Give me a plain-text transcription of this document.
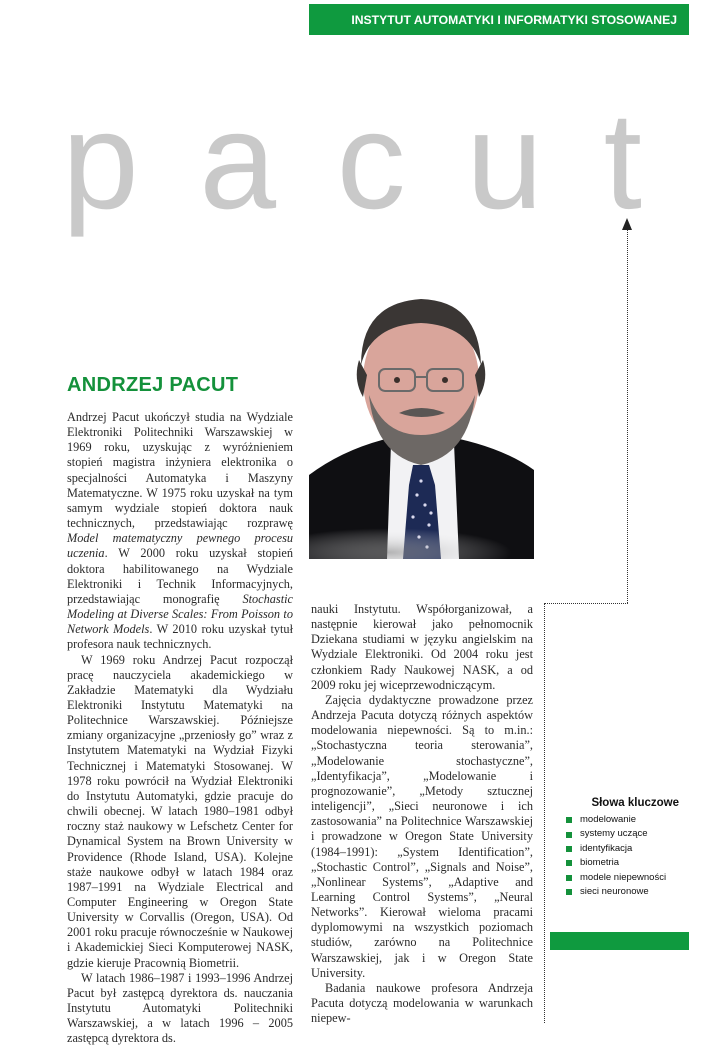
INSTYTUT AUTOMATYKI I INFORMATYKI STOSOWANEJ
p a c u t
ANDRZEJ PACUT

Andrzej Pacut ukończył studia na Wydziale Elektroniki Politechniki Warszawskiej w 1969 roku, uzyskując z wyróżnieniem stopień magistra inżyniera elektronika o specjalności Automatyka i Maszyny Matematyczne. W 1975 roku uzyskał na tym samym wydziale stopień doktora nauk technicznych, przedstawiając rozprawę Model matematyczny pewnego procesu uczenia. W 2000 roku uzyskał stopień doktora habilitowanego na Wydziale Elektroniki i Technik Informacyjnych, przedstawiając monografię Stochastic Modeling at Diverse Scales: From Poisson to Network Models. W 2010 roku uzyskał tytuł profesora nauk technicznych.

W 1969 roku Andrzej Pacut rozpoczął pracę nauczyciela akademickiego w Zakładzie Matematyki dla Wydziału Elektroniki Instytutu Matematyki na Politechnice Warszawskiej. Późniejsze zmiany organizacyjne „przeniosły go” wraz z Instytutem Matematyki na Wydział Fizyki Technicznej i Matematyki Stosowanej. W 1978 roku powrócił na Wydział Elektroniki do Instytutu Automatyki, gdzie pracuje do chwili obecnej. W latach 1980–1981 odbył roczny staż naukowy w Lefschetz Center for Dynamical System na Brown University w Providence (Rhode Island, USA). Kolejne staże naukowe odbył w latach 1984 oraz 1987–1991 na Wydziale Electrical and Computer Engineering w Oregon State University w Corvallis (Oregon, USA). Od 2001 roku pracuje równocześnie w Naukowej i Akademickiej Sieci Komputerowej NASK, gdzie kieruje Pracownią Biometrii.

W latach 1986–1987 i 1993–1996 Andrzej Pacut był zastępcą dyrektora ds. nauczania Instytutu Automatyki Politechniki Warszawskiej, a w latach 1996 – 2005 zastępcą dyrektora ds.

nauki Instytutu. Współorganizował, a następnie kierował jako pełnomocnik Dziekana studiami w języku angielskim na Wydziale Elektroniki. Od 2004 roku jest członkiem Rady Naukowej NASK, a od 2009 roku jej wiceprzewodniczącym.

Zajęcia dydaktyczne prowadzone przez Andrzeja Pacuta dotyczą różnych aspektów modelowania niepewności. Są to m.in.: „Stochastyczna teoria sterowania”, „Modelowanie stochastyczne”, „Identyfikacja”, „Modelowanie i prognozowanie”, „Metody sztucznej inteligencji”, „Sieci neuronowe i ich zastosowania” na Politechnice Warszawskiej i prowadzone w Oregon State University (1984–1991): „System Identification”, „Stochastic Control”, „Signals and Noise”, „Nonlinear Systems”, „Adaptive and Learning Control Systems”, „Neural Networks”. Kierował wieloma pracami dyplomowymi na wszystkich poziomach studiów, zarówno na Politechnice Warszawskiej, jak i w Oregon State University.

Badania naukowe profesora Andrzeja Pacuta dotyczą modelowania w warunkach niepew-

Słowa kluczowe
modelowanie
systemy uczące
identyfikacja
biometria
modele niepewności
sieci neuronowe
